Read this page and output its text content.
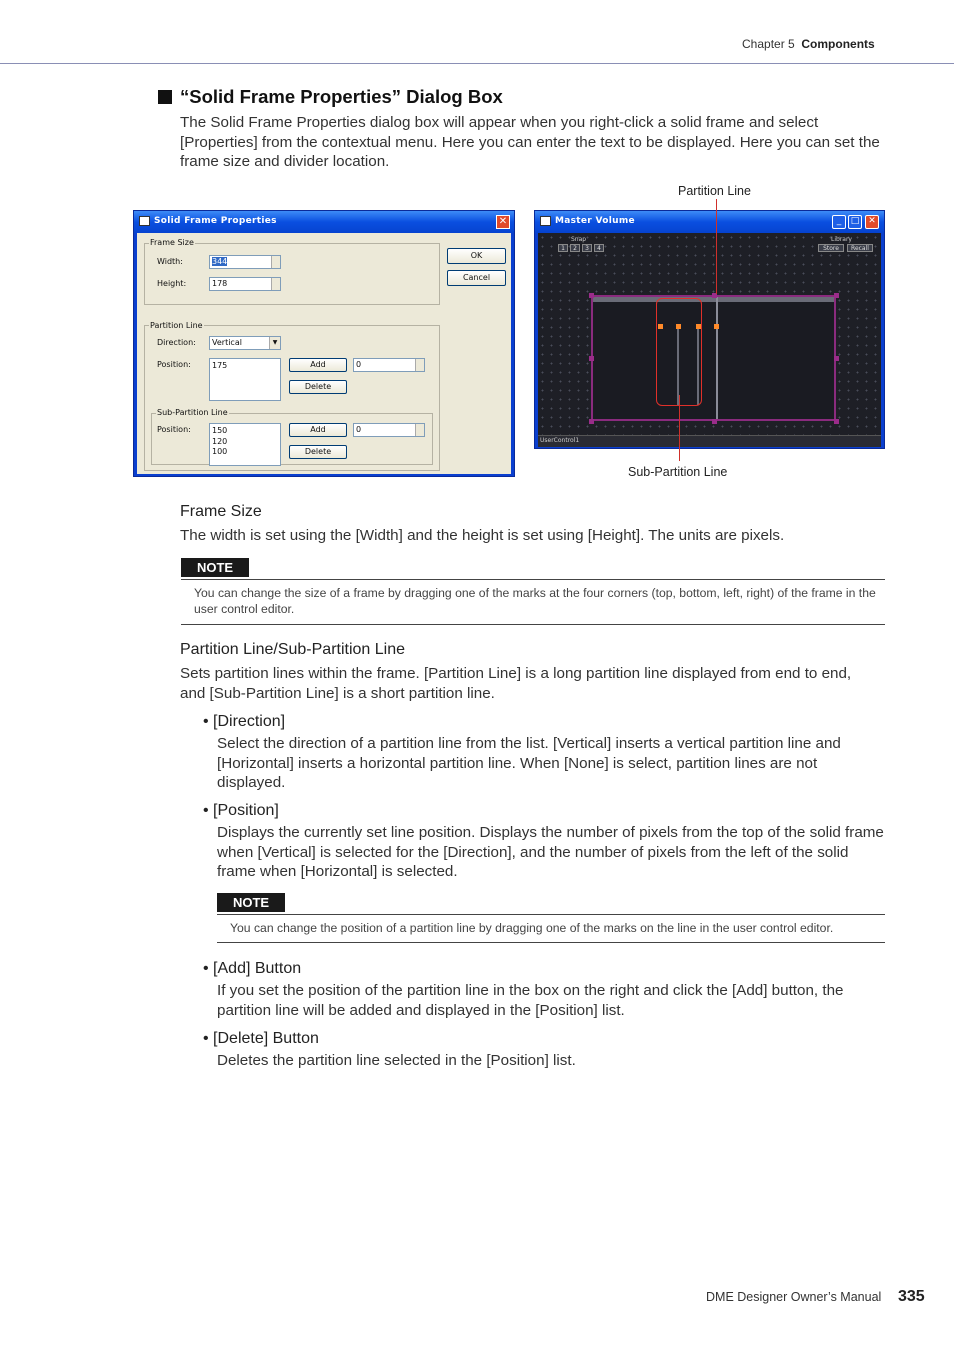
Chapter 5 Components
“Solid Frame Properties” Dialog Box
The Solid Frame Properties dialog box will appear when you right-click a solid frame and select [Properties] from the contextual menu. Here you can enter the text to be displayed. Here you can set the frame size and divider location.
Partition Line
Sub-Partition Line
Solid Frame Properties	✕
Frame Size
Width:	344
Height:	178
OK
Cancel
Partition Line
Direction:	Vertical	▼
Position:	175	Add
Delete
0
Sub-Partition Line
Position:	150
120
100
Add
Delete
0
Master Volume	_	□ ✕
Snap
1	2	3	4
Library
Store	Recall
UserControl1
Frame Size
The width is set using the [Width] and the height is set using [Height]. The units are pixels.
NOTE
You can change the size of a frame by dragging one of the marks at the four corners (top, bottom, left, right) of the frame in the user control editor.
Partition Line/Sub-Partition Line
Sets partition lines within the frame. [Partition Line] is a long partition line displayed from end to end, and [Sub-Partition Line] is a short partition line.
• [Direction]
Select the direction of a partition line from the list. [Vertical] inserts a vertical partition line and [Horizontal] inserts a horizontal partition line. When [None] is select, partition lines are not displayed.
• [Position]
Displays the currently set line position. Displays the number of pixels from the top of the solid frame when [Vertical] is selected for the [Direction], and the number of pixels from the left of the solid frame when [Horizontal] is selected.
NOTE
You can change the position of a partition line by dragging one of the marks on the line in the user control editor.
• [Add] Button
If you set the position of the partition line in the box on the right and click the [Add] button, the partition line will be added and displayed in the [Position] list.
• [Delete] Button
Deletes the partition line selected in the [Position] list.
DME Designer Owner’s Manual 335
